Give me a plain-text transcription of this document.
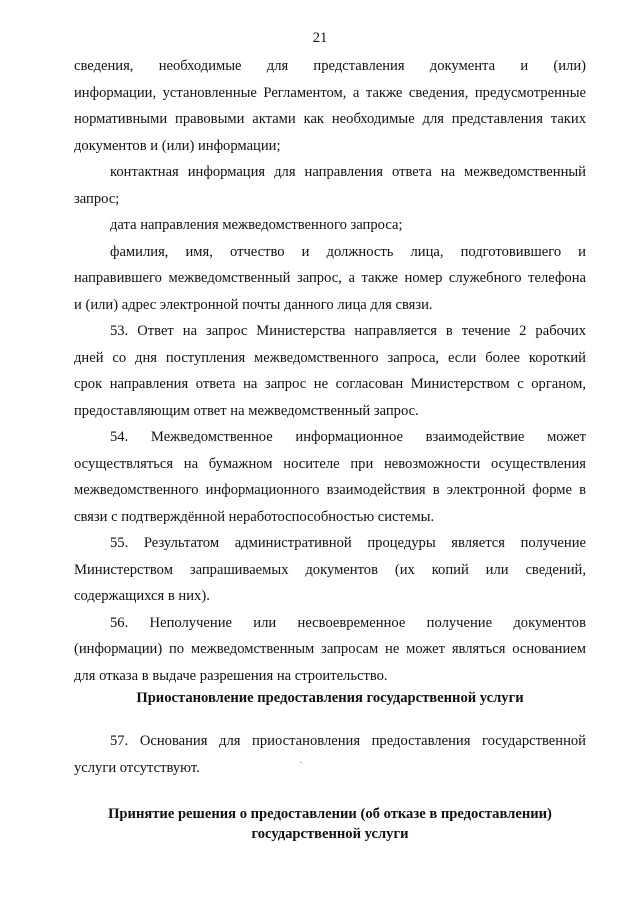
21
сведения, необходимые для представления документа и (или)
информации, установленные Регламентом, а также сведения, предусмотренные
нормативными правовыми актами как необходимые для представления таких
документов и (или) информации;
контактная информация для направления ответа на межведомственный
запрос;
дата направления межведомственного запроса;
фамилия, имя, отчество и должность лица, подготовившего и
направившего межведомственный запрос, а также номер служебного телефона
и (или) адрес электронной почты данного лица для связи.
53. Ответ на запрос Министерства направляется в течение 2 рабочих
дней со дня поступления межведомственного запроса, если более короткий
срок направления ответа на запрос не согласован Министерством с органом,
предоставляющим ответ на межведомственный запрос.
54. Межведомственное информационное взаимодействие может
осуществляться на бумажном носителе при невозможности осуществления
межведомственного информационного взаимодействия в электронной форме в
связи с подтверждённой неработоспособностью системы.
55. Результатом административной процедуры является получение
Министерством запрашиваемых документов (их копий или сведений,
содержащихся в них).
56. Неполучение или несвоевременное получение документов
(информации) по межведомственным запросам не может являться основанием
для отказа в выдаче разрешения на строительство.
Приостановление предоставления государственной услуги
57. Основания для приостановления предоставления государственной
услуги отсутствуют.	·
Принятие решения о предоставлении (об отказе в предоставлении)
государственной услуги
